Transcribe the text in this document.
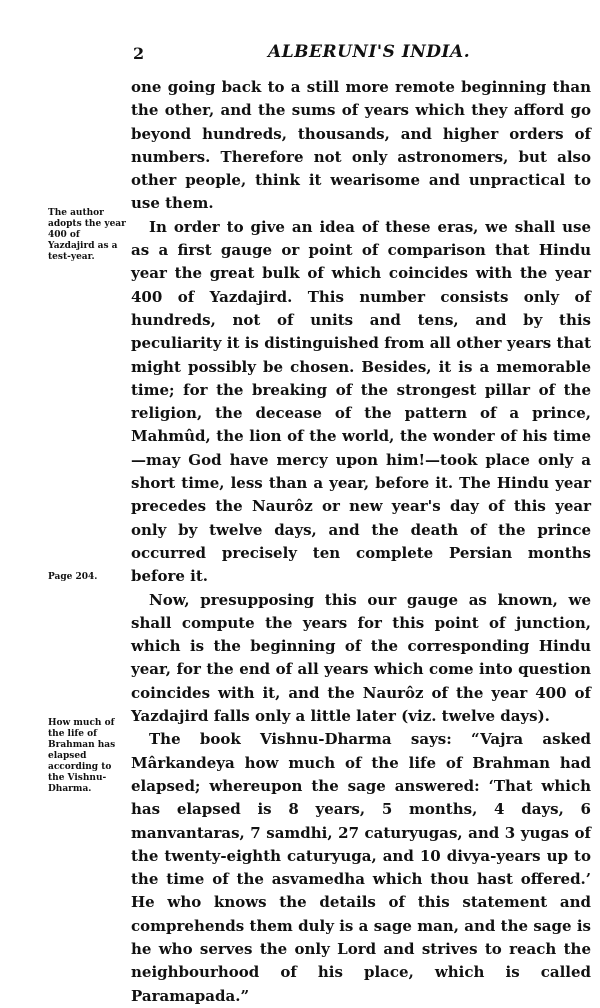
2	ALBERUNI'S INDIA.
The author adopts the year 400 of Yazdajird as a test-year.
Page 204.
How much of the life of Brahman has elapsed according to the Vishnu-Dharma.

one going back to a still more remote beginning than the other, and the sums of years which they afford go beyond hundreds, thousands, and higher orders of numbers. Therefore not only astronomers, but also other people, think it wearisome and unpractical to use them.

In order to give an idea of these eras, we shall use as a first gauge or point of comparison that Hindu year the great bulk of which coincides with the year 400 of Yazdajird. This number consists only of hundreds, not of units and tens, and by this peculiarity it is distinguished from all other years that might possibly be chosen. Besides, it is a memorable time; for the breaking of the strongest pillar of the religion, the decease of the pattern of a prince, Mahmûd, the lion of the world, the wonder of his time—may God have mercy upon him!—took place only a short time, less than a year, before it. The Hindu year precedes the Naurôz or new year's day of this year only by twelve days, and the death of the prince occurred precisely ten complete Persian months before it.

Now, presupposing this our gauge as known, we shall compute the years for this point of junction, which is the beginning of the corresponding Hindu year, for the end of all years which come into question coincides with it, and the Naurôz of the year 400 of Yazdajird falls only a little later (viz. twelve days).

The book Vishnu-Dharma says: “Vajra asked Mârkandeya how much of the life of Brahman had elapsed; whereupon the sage answered: ‘That which has elapsed is 8 years, 5 months, 4 days, 6 manvantaras, 7 samdhi, 27 caturyugas, and 3 yugas of the twenty-eighth caturyuga, and 10 divya-years up to the time of the asvamedha which thou hast offered.’ He who knows the details of this statement and comprehends them duly is a sage man, and the sage is he who serves the only Lord and strives to reach the neighbourhood of his place, which is called Paramapada.”
